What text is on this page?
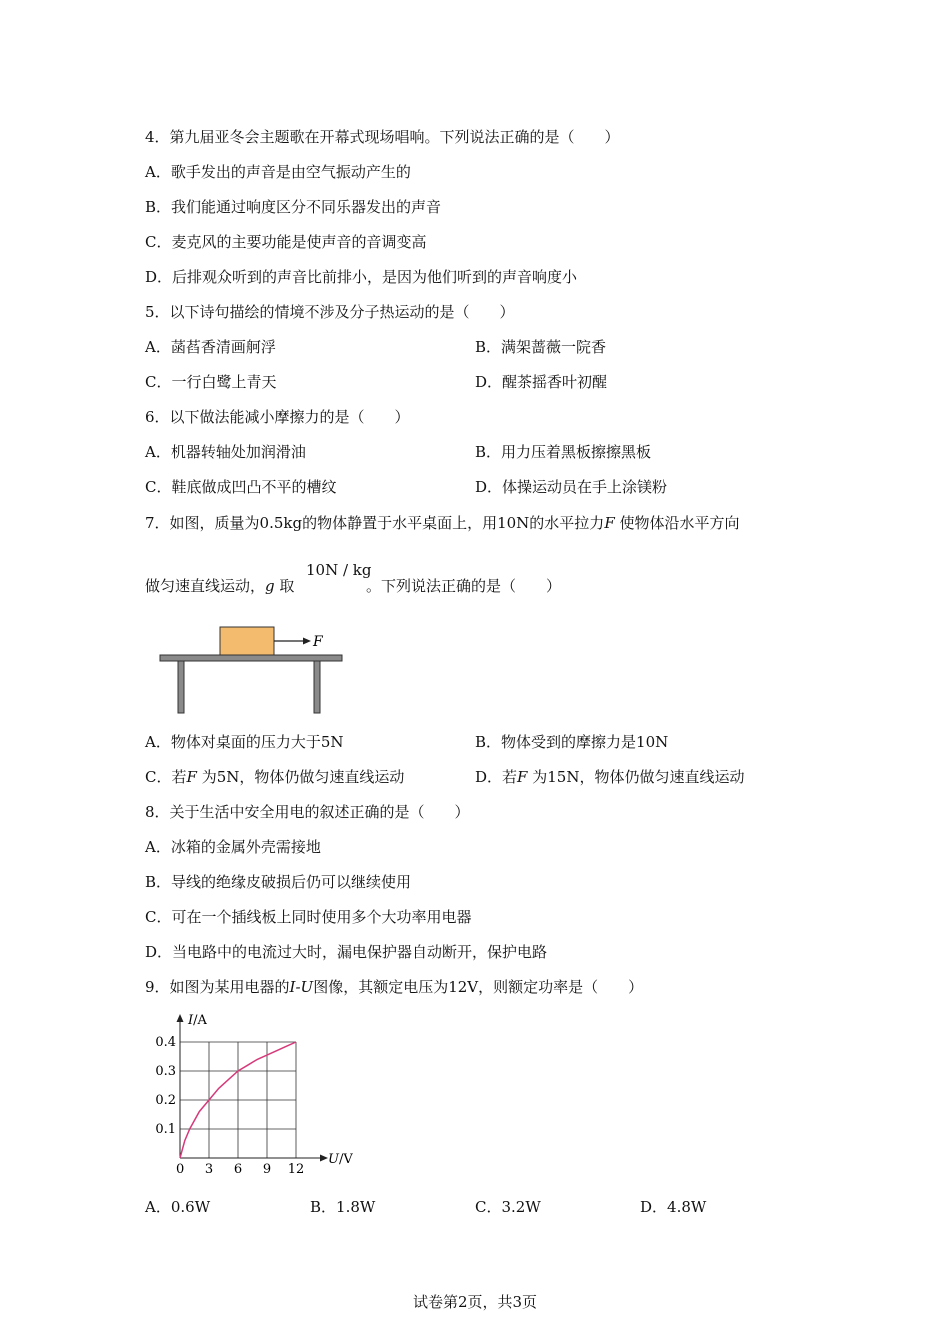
4．第九届亚冬会主题歌在开幕式现场唱响。下列说法正确的是（　　）
A．歌手发出的声音是由空气振动产生的
B．我们能通过响度区分不同乐器发出的声音
C．麦克风的主要功能是使声音的音调变高
D．后排观众听到的声音比前排小，是因为他们听到的声音响度小
5．以下诗句描绘的情境不涉及分子热运动的是（　　）
A．菡萏香清画舸浮	B．满架蔷薇一院香
C．一行白鹭上青天	D．醒茶摇香叶初醒
6．以下做法能减小摩擦力的是（　　）
A．机器转轴处加润滑油	B．用力压着黑板擦擦黑板
C．鞋底做成凹凸不平的槽纹	D．体操运动员在手上涂镁粉
7．如图，质量为0.5kg的物体静置于水平桌面上，用10N的水平拉力F 使物体沿水平方向
做匀速直线运动，g 取
10N / kg
。下列说法正确的是（　　）
F
A．物体对桌面的压力大于5N	B．物体受到的摩擦力是10N
C．若F 为5N，物体仍做匀速直线运动	D．若F 为15N，物体仍做匀速直线运动
8．关于生活中安全用电的叙述正确的是（　　）
A．冰箱的金属外壳需接地
B．导线的绝缘皮破损后仍可以继续使用
C．可在一个插线板上同时使用多个大功率用电器
D．当电路中的电流过大时，漏电保护器自动断开，保护电路
9．如图为某用电器的I-U图像，其额定电压为12V，则额定功率是（　　）
I/A
U/V
0 3 6 9 12
0.1
0.2
0.3
0.4
A．0.6W	B．1.8W	C．3.2W	D．4.8W
试卷第2页，共3页
